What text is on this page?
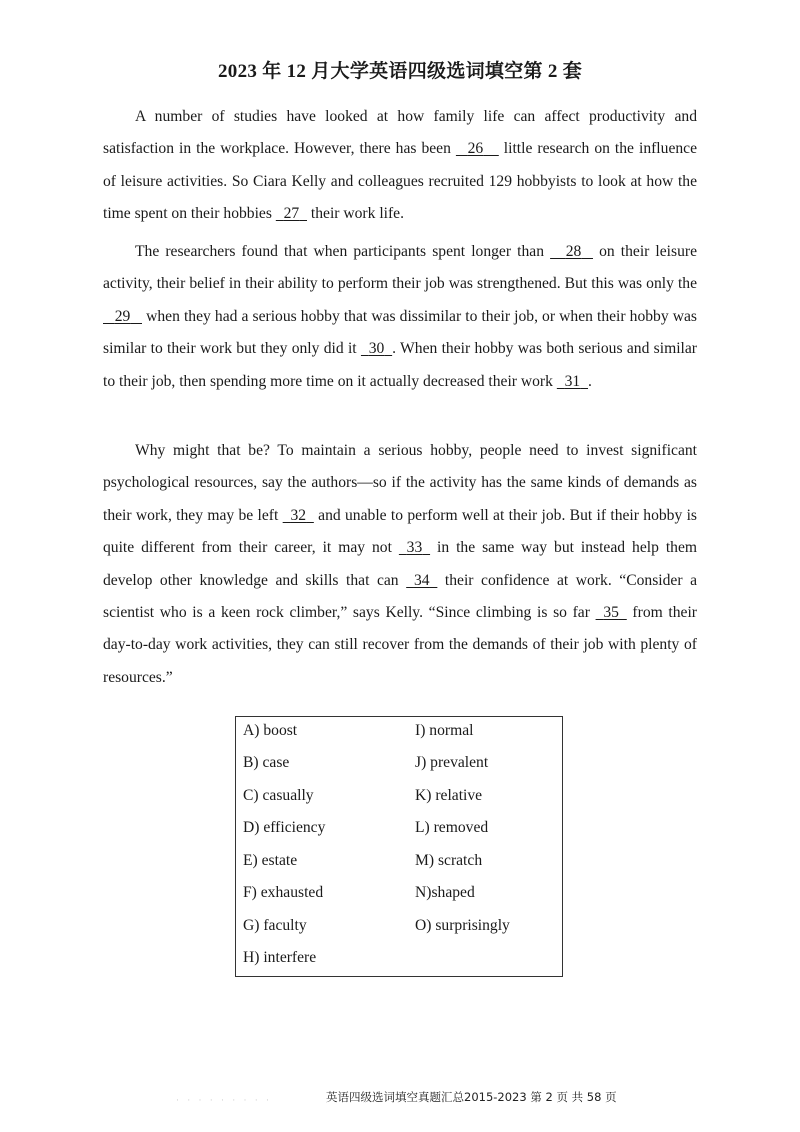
2023 年 12 月大学英语四级选词填空第 2 套

A number of studies have looked at how family life can affect productivity and satisfaction in the workplace. However, there has been    26     little research on the influence of leisure activities. So Ciara Kelly and colleagues recruited 129 hobbyists to look at how the time spent on their hobbies   27   their work life.

The researchers found that when participants spent longer than     28    on their leisure activity, their belief in their ability to perform their job was strengthened. But this was only the    29    when they had a serious hobby that was dissimilar to their job, or when their hobby was similar to their work but they only did it   30 . When their hobby was both serious and similar to their job, then spending more time on it actually decreased their work   31 .

Why might that be? To maintain a serious hobby, people need to invest significant psychological resources, say the authors—so if the activity has the same kinds of demands as their work, they may be left   32   and unable to perform well at their job. But if their hobby is quite different from their career, it may not   33   in the same way but instead help them develop other knowledge and skills that can   34   their confidence at work. “Consider a scientist who is a keen rock climber,” says Kelly. “Since climbing is so far   35   from their day-to-day work activities, they can still recover from the demands of their job with plenty of resources.”

A) boost
B) case
C) casually
D) efficiency
E) estate
F) exhausted
G) faculty
H) interfere
I) normal
J) prevalent
K) relative
L) removed
M) scratch
N)shaped
O) surprisingly
· · · · · · · · ·	英语四级选词填空真题汇总2015-2023 第 2 页 共 58 页
